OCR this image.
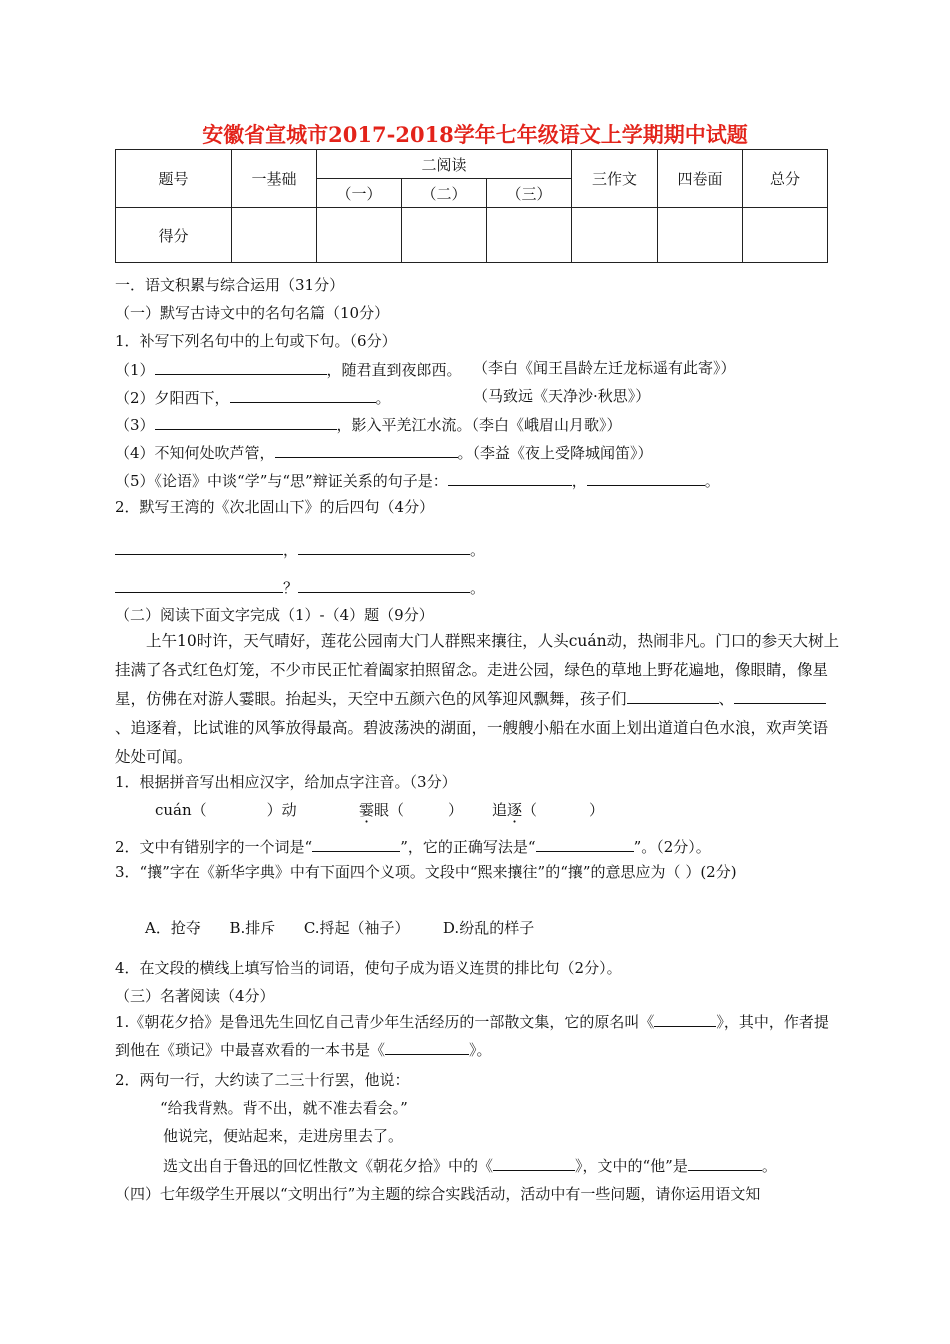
安徽省宣城市2017-2018学年七年级语文上学期期中试题
题号	一基础	二阅读			三作文	四卷面	总分
		（一）	（二）	（三）			
得分							
一．语文积累与综合运用（31分）
（一）默写古诗文中的名句名篇（10分）
1．补写下列名句中的上句或下句。（6分）
（1）	，随君直到夜郎西。 （李白《闻王昌龄左迁龙标遥有此寄》）
（2）夕阳西下，	。	（马致远《天净沙·秋思》）
（3）	，影入平羌江水流。（李白《峨眉山月歌》）
（4）不知何处吹芦管，	。（李益《夜上受降城闻笛》）
（5）《论语》中谈“学”与“思”辩证关系的句子是：	，	。
2．默写王湾的《次北固山下》的后四句（4分）
，	。
？	。
（二）阅读下面文字完成（1）-（4）题（9分）
上午10时许，天气晴好，莲花公园南大门人群熙来攘往，人头cuán动，热闹非凡。门口的参天大树上挂满了各式红色灯笼，不少市民正忙着阖家拍照留念。走进公园，绿色的草地上野花遍地，像眼睛，像星星，仿佛在对游人霎眼。抬起头，天空中五颜六色的风筝迎风飘舞，孩子们	、、追逐着，比试谁的风筝放得最高。碧波荡泱的湖面，一艘艘小船在水面上划出道道白色水浪，欢声笑语处处可闻。
1．根据拼音写出相应汉字，给加点字注音。（3分）
cuán（	）动	霎眼（	） 追逐（	）
2．文中有错别字的一个词是“	”，它的正确写法是“	”。（2分）。
3．“攘”字在《新华字典》中有下面四个义项。文段中“熙来攘往”的“攘”的意思应为（ ）(2分)
A．抢夺      B.排斥      C.捋起（袖子）       D.纷乱的样子
4．在文段的横线上填写恰当的词语，使句子成为语义连贯的排比句（2分）。
（三）名著阅读（4分）
1.《朝花夕拾》是鲁迅先生回忆自己青少年生活经历的一部散文集，它的原名叫《	》，其中，作者提到他在《琐记》中最喜欢看的一本书是《	》。
2．两句一行，大约读了二三十行罢，他说：
“给我背熟。背不出，就不准去看会。”
他说完，便站起来，走进房里去了。
选文出自于鲁迅的回忆性散文《朝花夕拾》中的《	》，文中的“他”是	。
（四）七年级学生开展以“文明出行”为主题的综合实践活动，活动中有一些问题，请你运用语文知
